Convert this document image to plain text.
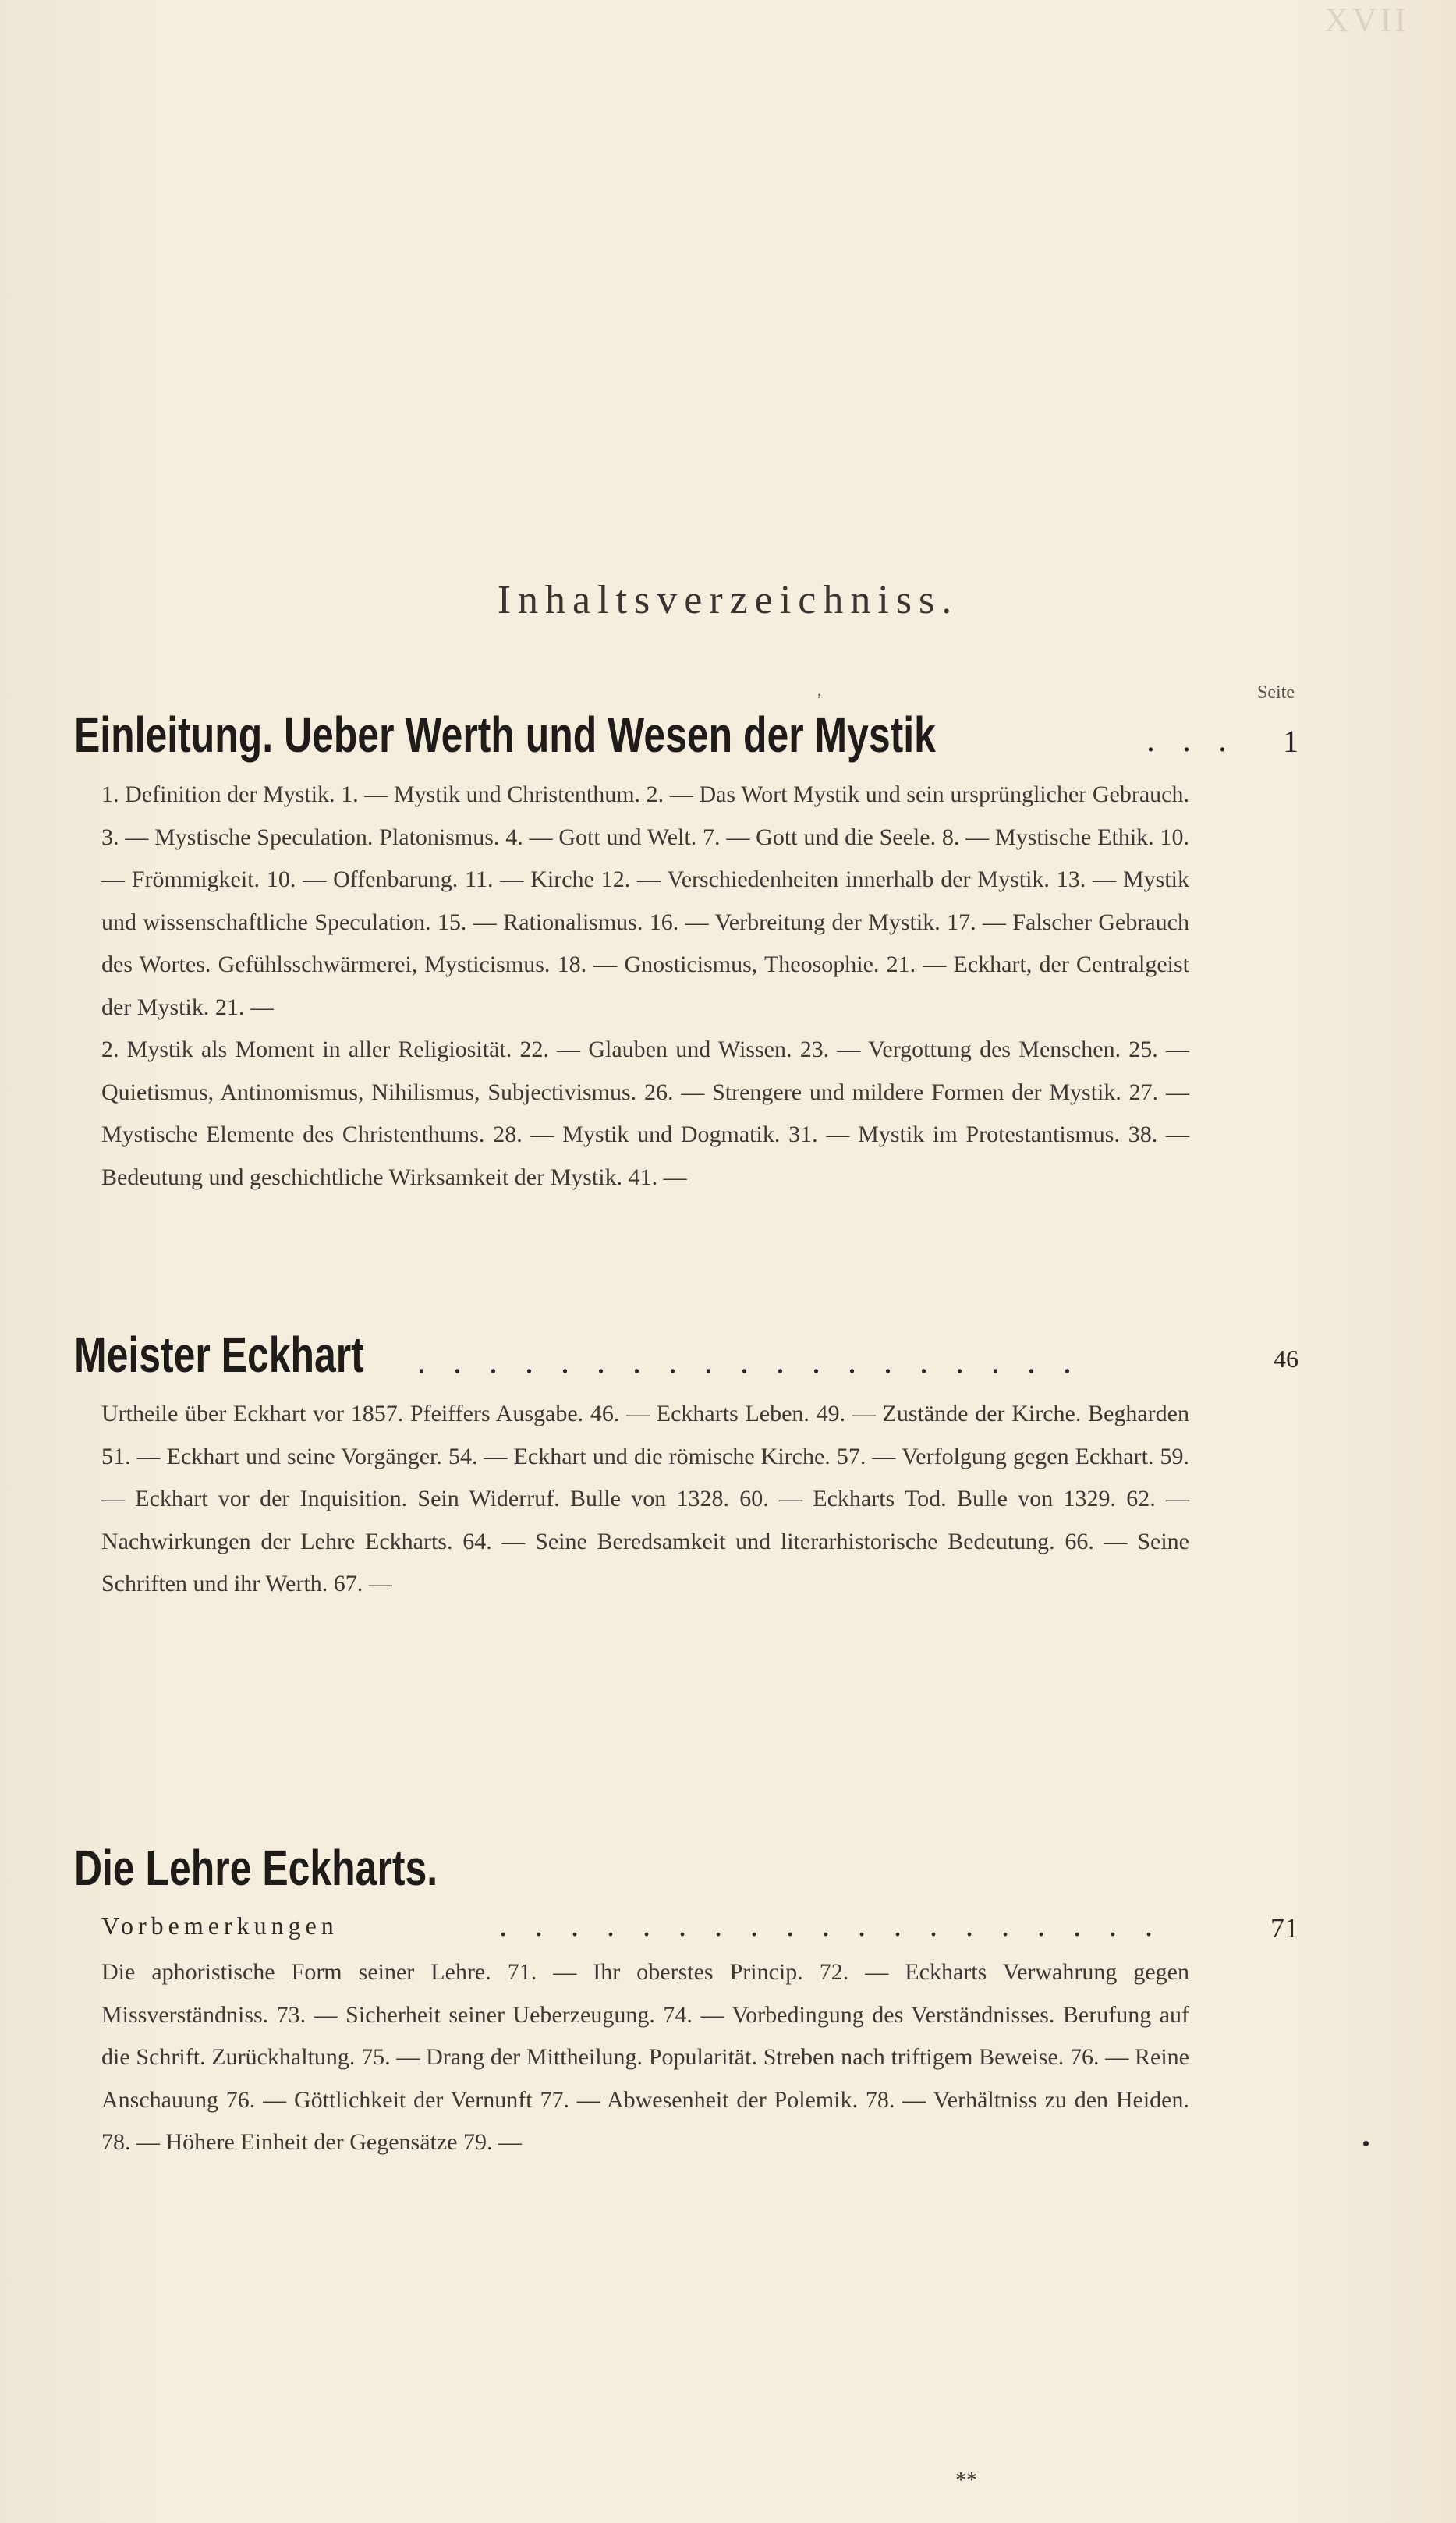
XVII
Inhaltsverzeichniss.
‚	Seite
Einleitung. Ueber Werth und Wesen der Mystik	. . . 1

1. Definition der Mystik. 1. — Mystik und Christenthum. 2. — Das Wort Mystik und sein ursprünglicher Gebrauch. 3. — Mystische Speculation. Platonismus. 4. — Gott und Welt. 7. — Gott und die Seele. 8. — Mystische Ethik. 10. — Frömmigkeit. 10. — Offenbarung. 11. — Kirche 12. — Verschiedenheiten innerhalb der Mystik. 13. — Mystik und wissenschaftliche Speculation. 15. — Rationalismus. 16. — Verbreitung der Mystik. 17. — Falscher Gebrauch des Wortes. Gefühlsschwärmerei, Mysticismus. 18. — Gnosticismus, Theosophie. 21. — Eckhart, der Centralgeist der Mystik. 21. —

2. Mystik als Moment in aller Religiosität. 22. — Glauben und Wissen. 23. — Vergottung des Menschen. 25. — Quietismus, Antinomismus, Nihilismus, Subjectivismus. 26. — Strengere und mildere Formen der Mystik. 27. — Mystische Elemente des Christenthums. 28. — Mystik und Dogmatik. 31. — Mystik im Protestantismus. 38. — Bedeutung und geschichtliche Wirksamkeit der Mystik. 41. —

Meister Eckhart . . . . . . . . . . . . . . . . . . .	46

Urtheile über Eckhart vor 1857. Pfeiffers Ausgabe. 46. — Eckharts Leben. 49. — Zustände der Kirche. Begharden 51. — Eckhart und seine Vorgänger. 54. — Eckhart und die römische Kirche. 57. — Verfolgung gegen Eckhart. 59. — Eckhart vor der Inquisition. Sein Widerruf. Bulle von 1328. 60. — Eckharts Tod. Bulle von 1329. 62. — Nachwirkungen der Lehre Eckharts. 64. — Seine Beredsamkeit und literarhistorische Bedeutung. 66. — Seine Schriften und ihr Werth. 67. —

Die Lehre Eckharts.
Vorbemerkungen	. . . . . . . . . . . . . . . . . . .	71

Die aphoristische Form seiner Lehre. 71. — Ihr oberstes Princip. 72. — Eckharts Verwahrung gegen Missverständniss. 73. — Sicherheit seiner Ueberzeugung. 74. — Vorbedingung des Verständnisses. Berufung auf die Schrift. Zurückhaltung. 75. — Drang der Mittheilung. Popularität. Streben nach triftigem Beweise. 76. — Reine Anschauung 76. — Göttlichkeit der Vernunft 77. — Abwesenheit der Polemik. 78. — Verhältniss zu den Heiden. 78. — Höhere Einheit der Gegensätze 79. —

**
